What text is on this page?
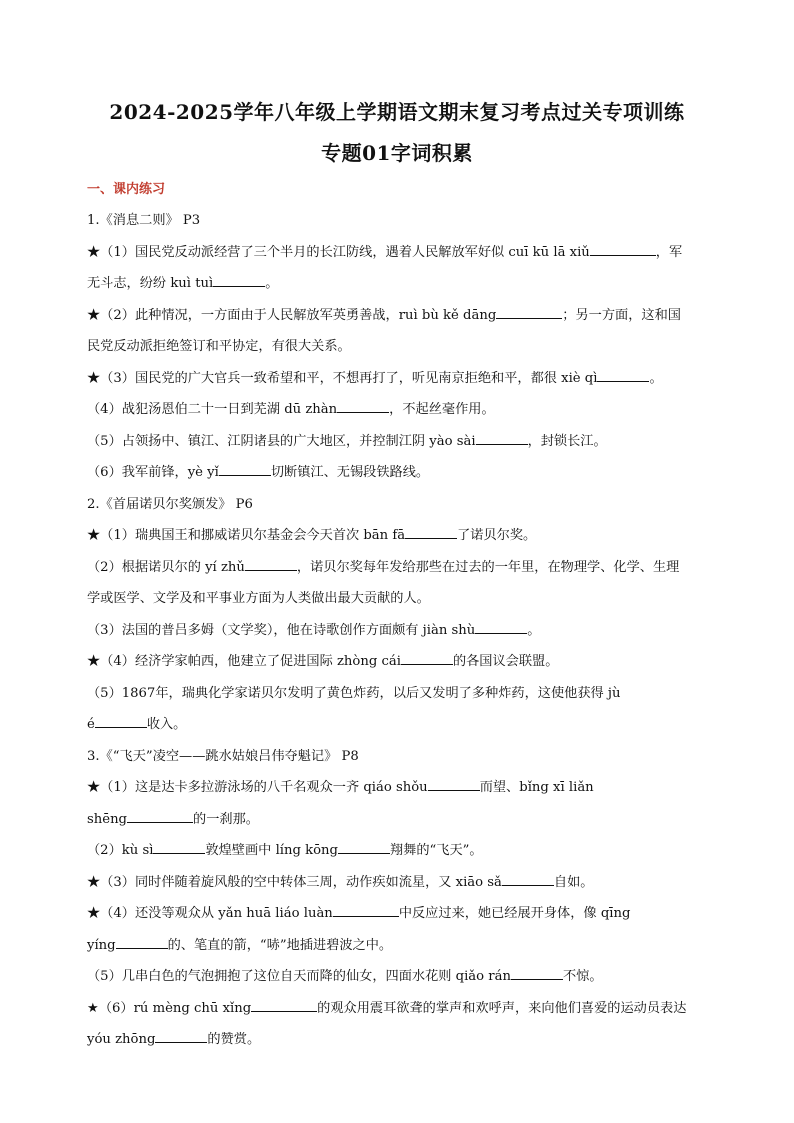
2024-2025学年八年级上学期语文期末复习考点过关专项训练
专题01字词积累
一、课内练习
1.《消息二则》 P3
★（1）国民党反动派经营了三个半月的长江防线，遇着人民解放军好似 cuī kū lā xiǔ	，军
无斗志，纷纷 kuì tuì	。
★（2）此种情况，一方面由于人民解放军英勇善战，ruì bù kě dāng	；另一方面，这和国
民党反动派拒绝签订和平协定，有很大关系。
★（3）国民党的广大官兵一致希望和平，不想再打了，听见南京拒绝和平，都很 xiè qì	。
（4）战犯汤恩伯二十一日到芜湖 dū zhàn	，不起丝毫作用。
（5）占领扬中、镇江、江阴诸县的广大地区，并控制江阴 yào sài	，封锁长江。
（6）我军前锋，yè yǐ	切断镇江、无锡段铁路线。
2.《首届诺贝尔奖颁发》 P6
★（1）瑞典国王和挪威诺贝尔基金会今天首次 bān fā	了诺贝尔奖。
（2）根据诺贝尔的 yí zhǔ	，诺贝尔奖每年发给那些在过去的一年里，在物理学、化学、生理
学或医学、文学及和平事业方面为人类做出最大贡献的人。
（3）法国的普吕多姆（文学奖），他在诗歌创作方面颇有 jiàn shù	。
★（4）经济学家帕西，他建立了促进国际 zhòng cái	的各国议会联盟。
（5）1867年，瑞典化学家诺贝尔发明了黄色炸药，以后又发明了多种炸药，这使他获得 jù
é	收入。
3.《“飞天”凌空——跳水姑娘吕伟夺魁记》 P8
★（1）这是达卡多拉游泳场的八千名观众一齐 qiáo shǒu	而望、bǐng xī liǎn
shēng	的一刹那。
（2）kù sì	敦煌壁画中 líng kōng	翔舞的“飞天”。
★（3）同时伴随着旋风般的空中转体三周，动作疾如流星，又 xiāo sǎ	自如。
★（4）还没等观众从 yǎn huā liáo luàn	中反应过来，她已经展开身体，像 qīng
yíng	的、笔直的箭，“哧”地插进碧波之中。
（5）几串白色的气泡拥抱了这位自天而降的仙女，四面水花则 qiǎo rán	不惊。
★（6）rú mèng chū xǐng	的观众用震耳欲聋的掌声和欢呼声，来向他们喜爱的运动员表达
yóu zhōng	的赞赏。
